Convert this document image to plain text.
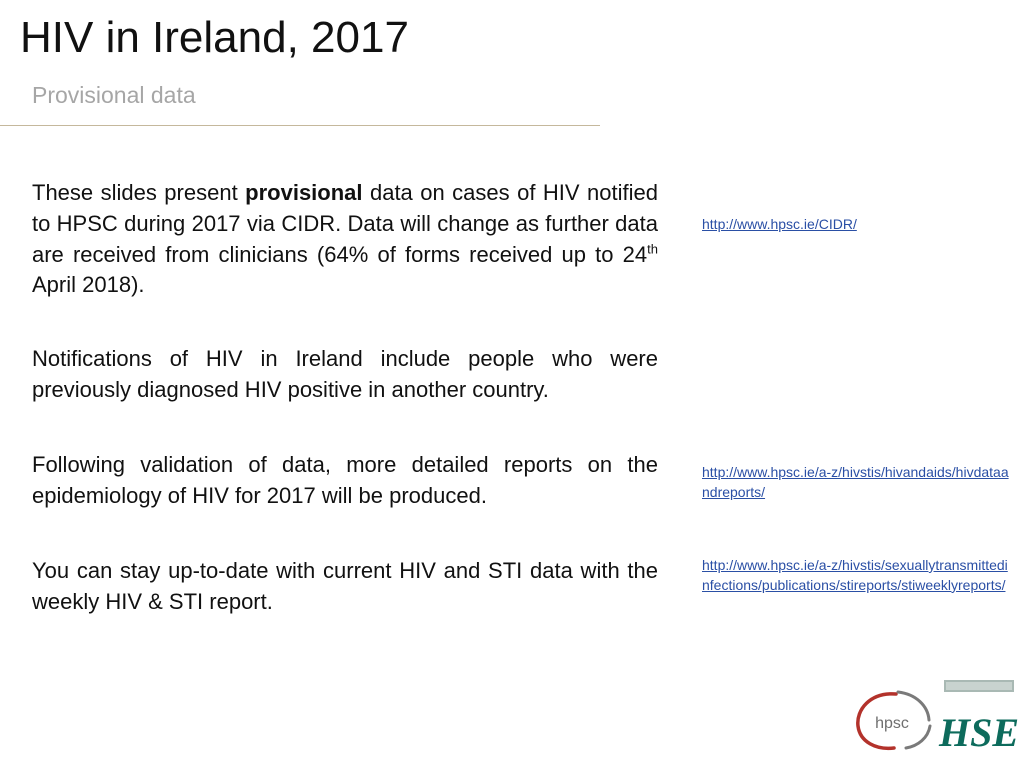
HIV in Ireland, 2017
Provisional data

These slides present provisional data on cases of HIV notified to HPSC during 2017 via CIDR. Data will change as further data are received from clinicians (64% of forms received up to 24th April 2018).

Notifications of HIV in Ireland include people who were previously diagnosed HIV positive in another country.

Following validation of data, more detailed reports on the epidemiology of HIV for 2017 will be produced.

You can stay up-to-date with current HIV and STI data with the weekly HIV & STI report.

http://www.hpsc.ie/CIDR/
http://www.hpsc.ie/a-z/hivstis/hivandaids/hivdataandreports/
http://www.hpsc.ie/a-z/hivstis/sexuallytransmittedinfections/publications/stireports/stiweeklyreports/
hpsc HSE
